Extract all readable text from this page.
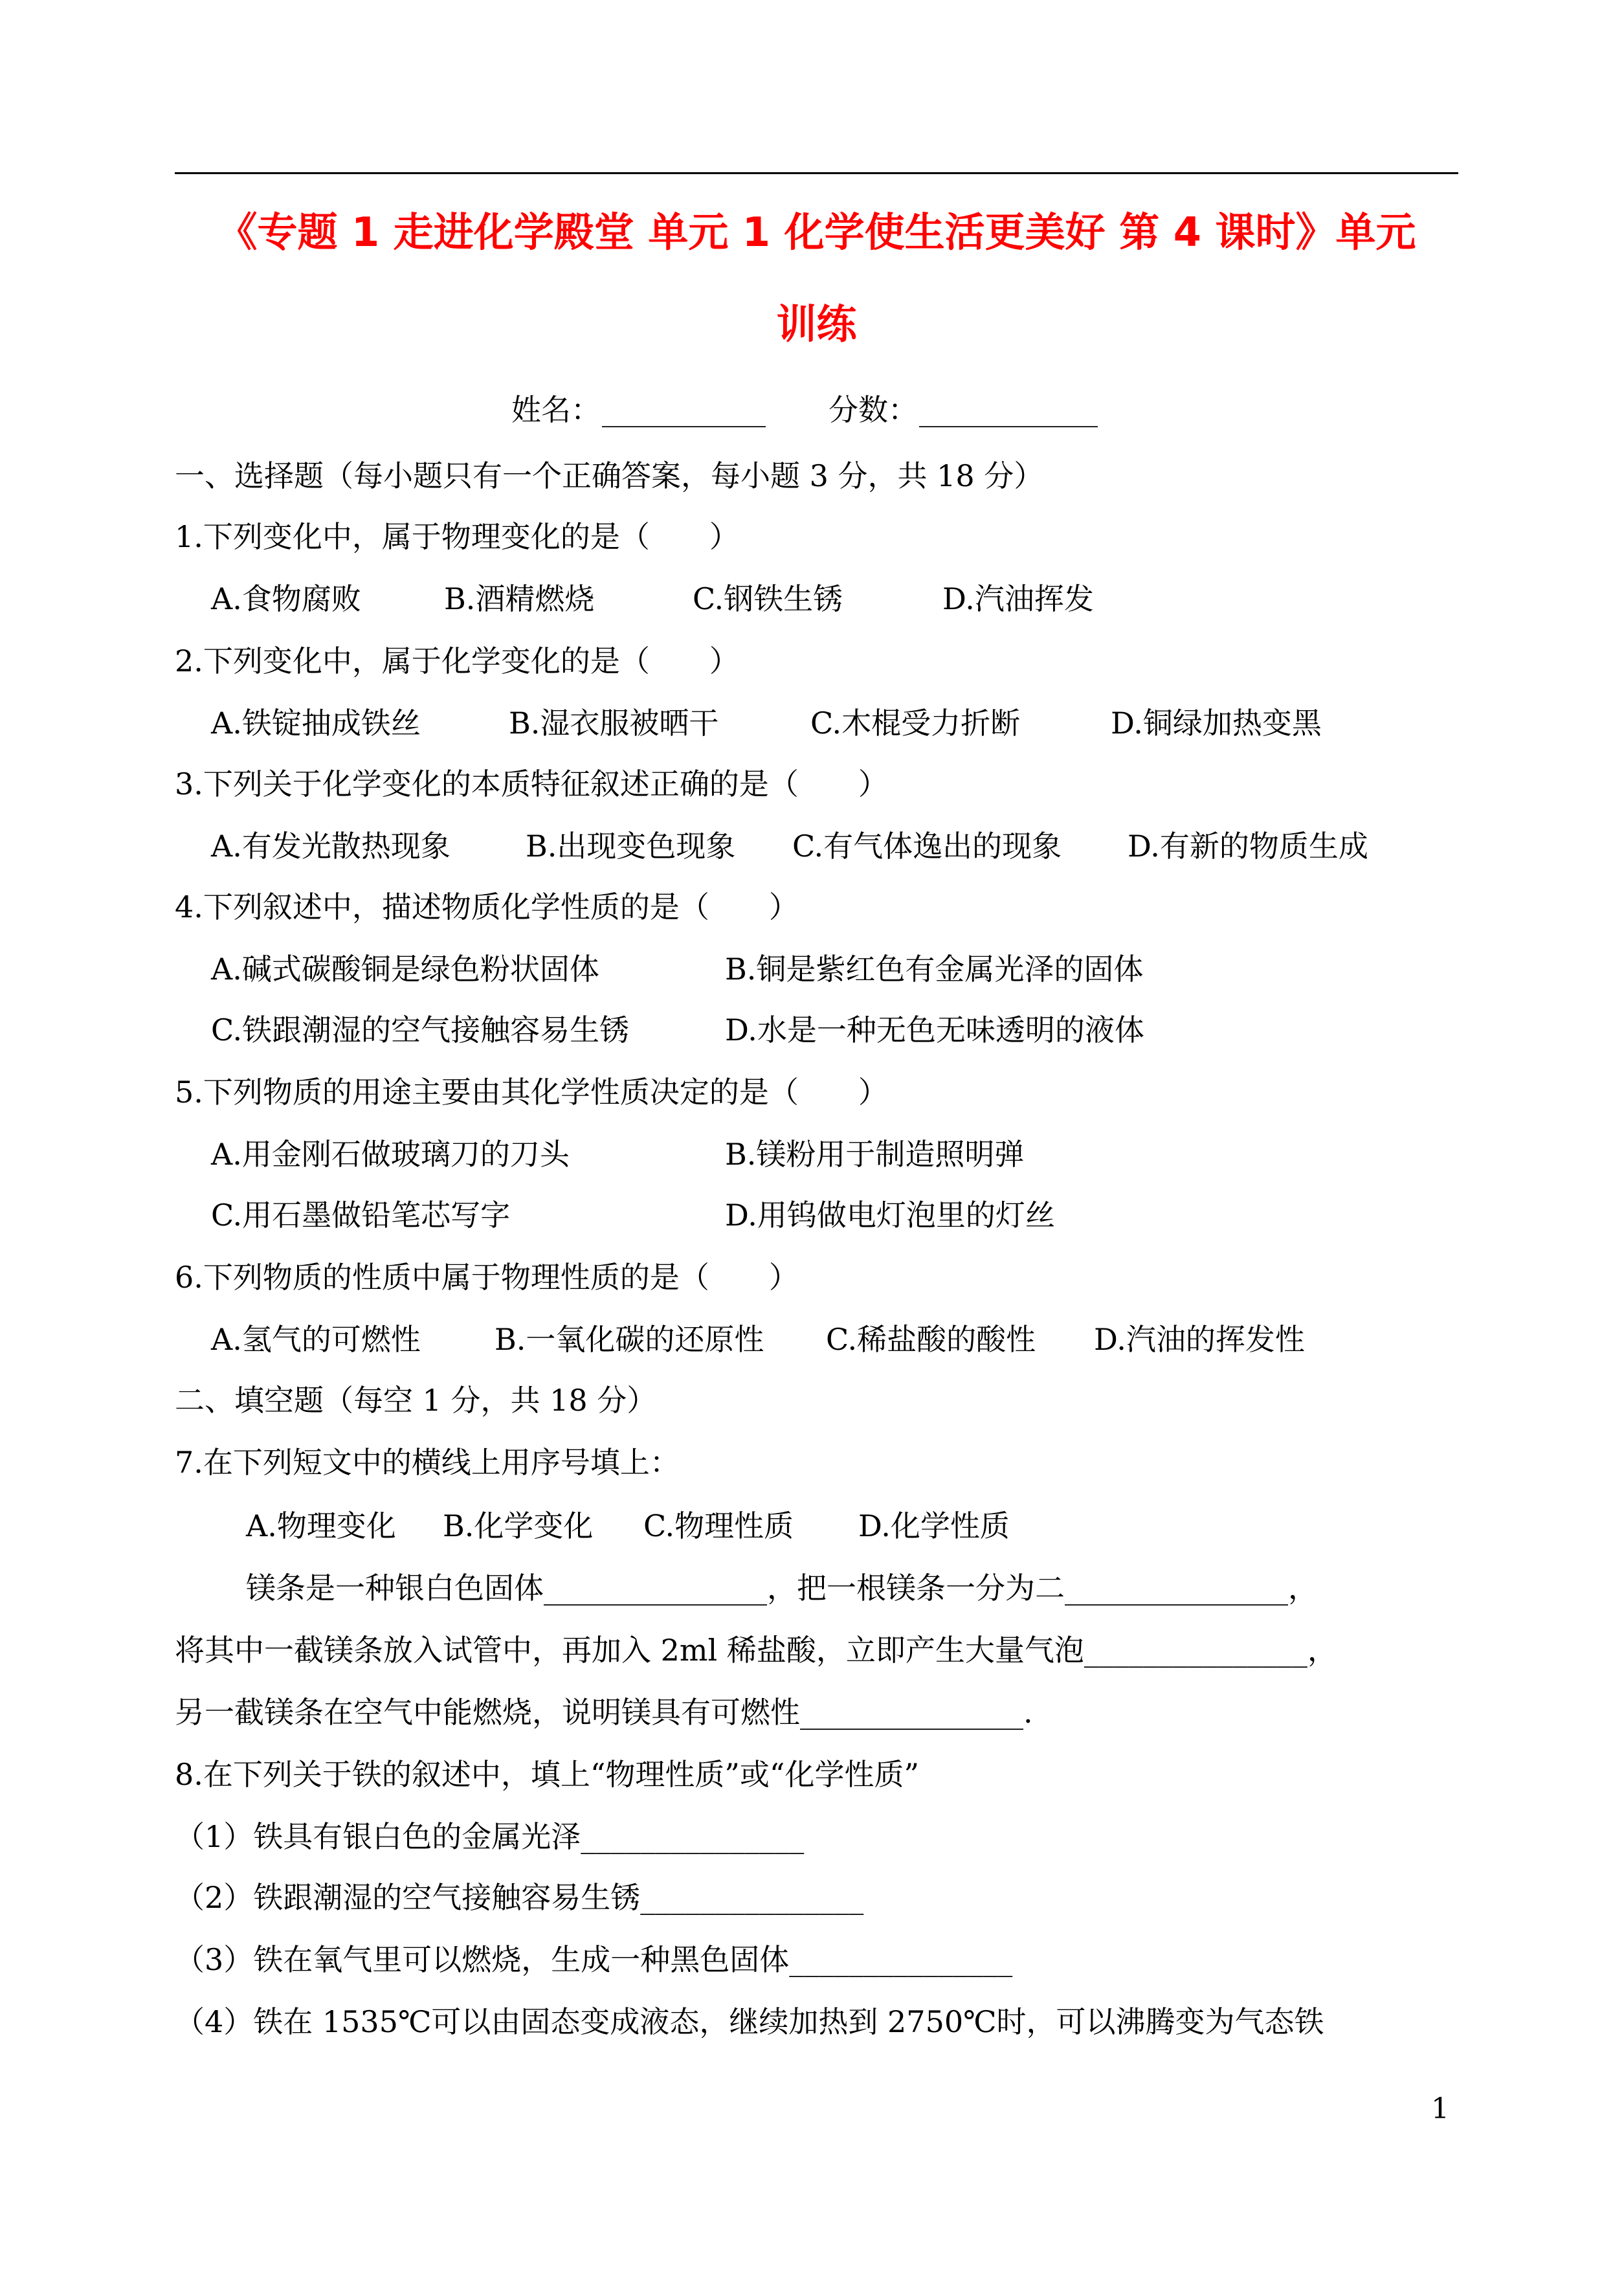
《专题 1 走进化学殿堂 单元 1 化学使生活更美好 第 4 课时》单元
训练
姓名： ___________ 分数： ____________
一、选择题（每小题只有一个正确答案，每小题 3 分，共 18 分）
1.下列变化中，属于物理变化的是（　　）
A.食物腐败	B.酒精燃烧	C.钢铁生锈	D.汽油挥发
2.下列变化中，属于化学变化的是（　　）
A.铁锭抽成铁丝	B.湿衣服被晒干	C.木棍受力折断	D.铜绿加热变黑
3.下列关于化学变化的本质特征叙述正确的是（　　）
A.有发光散热现象	B.出现变色现象 C.有气体逸出的现象 D.有新的物质生成
4.下列叙述中，描述物质化学性质的是（　　）
A.碱式碳酸铜是绿色粉状固体	B.铜是紫红色有金属光泽的固体
C.铁跟潮湿的空气接触容易生锈	D.水是一种无色无味透明的液体
5.下列物质的用途主要由其化学性质决定的是（　　）
A.用金刚石做玻璃刀的刀头	B.镁粉用于制造照明弹
C.用石墨做铅笔芯写字	D.用钨做电灯泡里的灯丝
6.下列物质的性质中属于物理性质的是（　　）
A.氢气的可燃性 B.一氧化碳的还原性 C.稀盐酸的酸性 D.汽油的挥发性
二、填空题（每空 1 分，共 18 分）
7.在下列短文中的横线上用序号填上：
A.物理变化 B.化学变化 C.物理性质 D.化学性质
镁条是一种银白色固体_______________，把一根镁条一分为二_______________，
将其中一截镁条放入试管中，再加入 2ml 稀盐酸，立即产生大量气泡_______________，
另一截镁条在空气中能燃烧，说明镁具有可燃性_______________.
8.在下列关于铁的叙述中，填上“物理性质”或“化学性质”
（1）铁具有银白色的金属光泽_______________
（2）铁跟潮湿的空气接触容易生锈_______________
（3）铁在氧气里可以燃烧，生成一种黑色固体_______________
（4）铁在 1535℃可以由固态变成液态，继续加热到 2750℃时，可以沸腾变为气态铁
1
